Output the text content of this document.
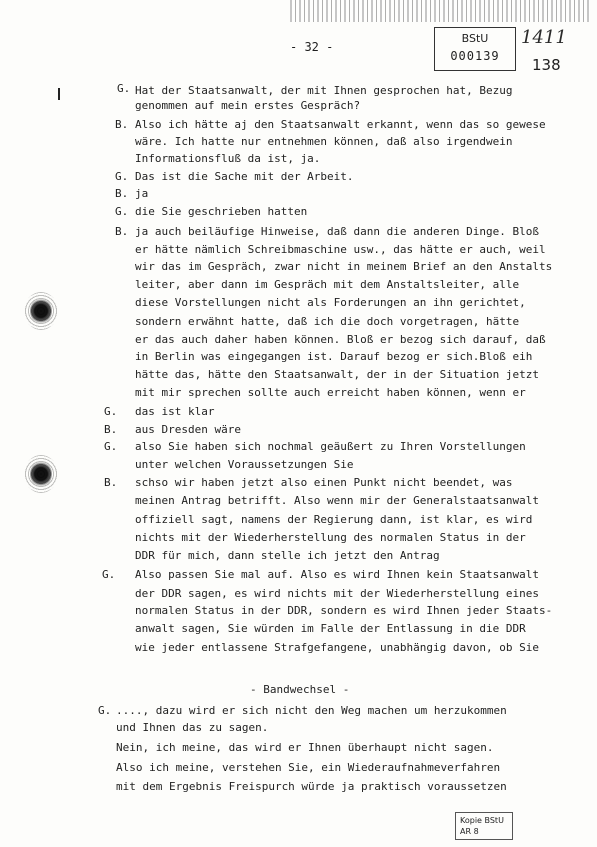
- 32 -
BStU
000139
1411
138
G. Hat der Staatsanwalt, der mit Ihnen gesprochen hat, Bezug
genommen auf mein erstes Gespräch?
B. Also ich hätte aj den Staatsanwalt erkannt, wenn das so gewese
wäre. Ich hatte nur entnehmen können, daß also irgendwein
Informationsfluß da ist, ja.
G. Das ist die Sache mit der Arbeit.
B. ja
G. die Sie geschrieben hatten
B. ja auch beiläufige Hinweise, daß dann die anderen Dinge. Bloß
er hätte nämlich Schreibmaschine usw., das hätte er auch, weil
wir das im Gespräch, zwar nicht in meinem Brief an den Anstalts
leiter, aber dann im Gespräch mit dem Anstaltsleiter, alle
diese Vorstellungen nicht als Forderungen an ihn gerichtet,
sondern erwähnt hatte, daß ich die doch vorgetragen, hätte
er das auch daher haben können. Bloß er bezog sich darauf, daß
in Berlin was eingegangen ist. Darauf bezog er sich.Bloß eih
hätte das, hätte den Staatsanwalt, der in der Situation jetzt
mit mir sprechen sollte auch erreicht haben können, wenn er
G. das ist klar
B. aus Dresden wäre
G. also Sie haben sich nochmal geäußert zu Ihren Vorstellungen
unter welchen Voraussetzungen Sie
B. schso wir haben jetzt also einen Punkt nicht beendet, was
meinen Antrag betrifft. Also wenn mir der Generalstaatsanwalt
offiziell sagt, namens der Regierung dann, ist klar, es wird
nichts mit der Wiederherstellung des normalen Status in der
DDR für mich, dann stelle ich jetzt den Antrag
G. Also passen Sie mal auf. Also es wird Ihnen kein Staatsanwalt
der DDR sagen, es wird nichts mit der Wiederherstellung eines
normalen Status in der DDR, sondern es wird Ihnen jeder Staats-
anwalt sagen, Sie würden im Falle der Entlassung in die DDR
wie jeder entlassene Strafgefangene, unabhängig davon, ob Sie
- Bandwechsel -
G. ...., dazu wird er sich nicht den Weg machen um herzukommen
und Ihnen das zu sagen.
Nein, ich meine, das wird er Ihnen überhaupt nicht sagen.
Also ich meine, verstehen Sie, ein Wiederaufnahmeverfahren
mit dem Ergebnis Freispurch würde ja praktisch voraussetzen
Kopie BStU
AR 8
